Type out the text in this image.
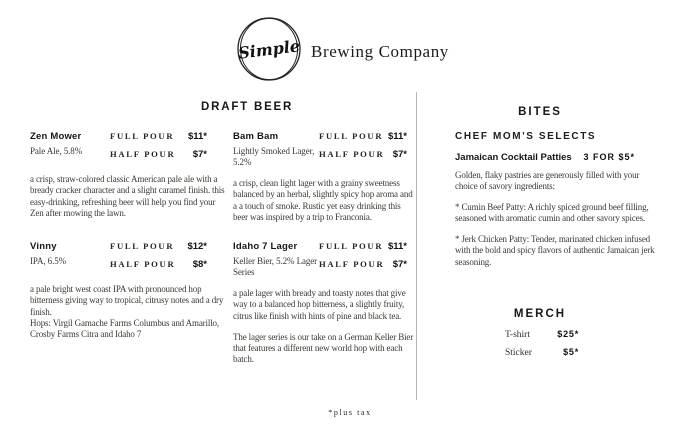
Simple Brewing Company
DRAFT BEER	BITES
CHEF MOM'S SELECTS
Zen Mower
Pale Ale, 5.8%
FULL POUR $11*
HALF POUR $7*
a crisp, straw-colored classic American pale ale with a bready cracker character and a slight caramel finish. this easy-drinking, refreshing beer will help you find your Zen after mowing the lawn.
Bam Bam
Lightly Smoked Lager, 5.2%
FULL POUR $11*
HALF POUR $7*
a crisp, clean light lager with a grainy sweetness balanced by an herbal, slightly spicy hop aroma and a a touch of smoke. Rustic yet easy drinking this beer was inspired by a trip to Franconia.
Vinny
IPA, 6.5%
FULL POUR $12*
HALF POUR $8*
a pale bright west coast IPA with pronounced hop bitterness giving way to tropical, citrusy notes and a dry finish.
Hops: Virgil Gamache Farms Columbus and Amarillo, Crosby Farms Citra and Idaho 7
Idaho 7 Lager
Keller Bier, 5.2% Lager Series
FULL POUR $11*
HALF POUR $7*
a pale lager with bready and toasty notes that give way to a balanced hop bitterness, a slightly fruity, citrus like finish with hints of pine and black tea.
The lager series is our take on a German Keller Bier that features a different new world hop with each batch.
Jamaican Cocktail Patties 3 FOR $5*
Golden, flaky pastries are generously filled with your choice of savory ingredients:
* Cumin Beef Patty: A richly spiced ground beef filling, seasoned with aromatic cumin and other savory spices.
* Jerk Chicken Patty: Tender, marinated chicken infused with the bold and spicy flavors of authentic Jamaican jerk seasoning.
MERCH
T-shirt	$25*
Sticker	$5*
*plus tax
